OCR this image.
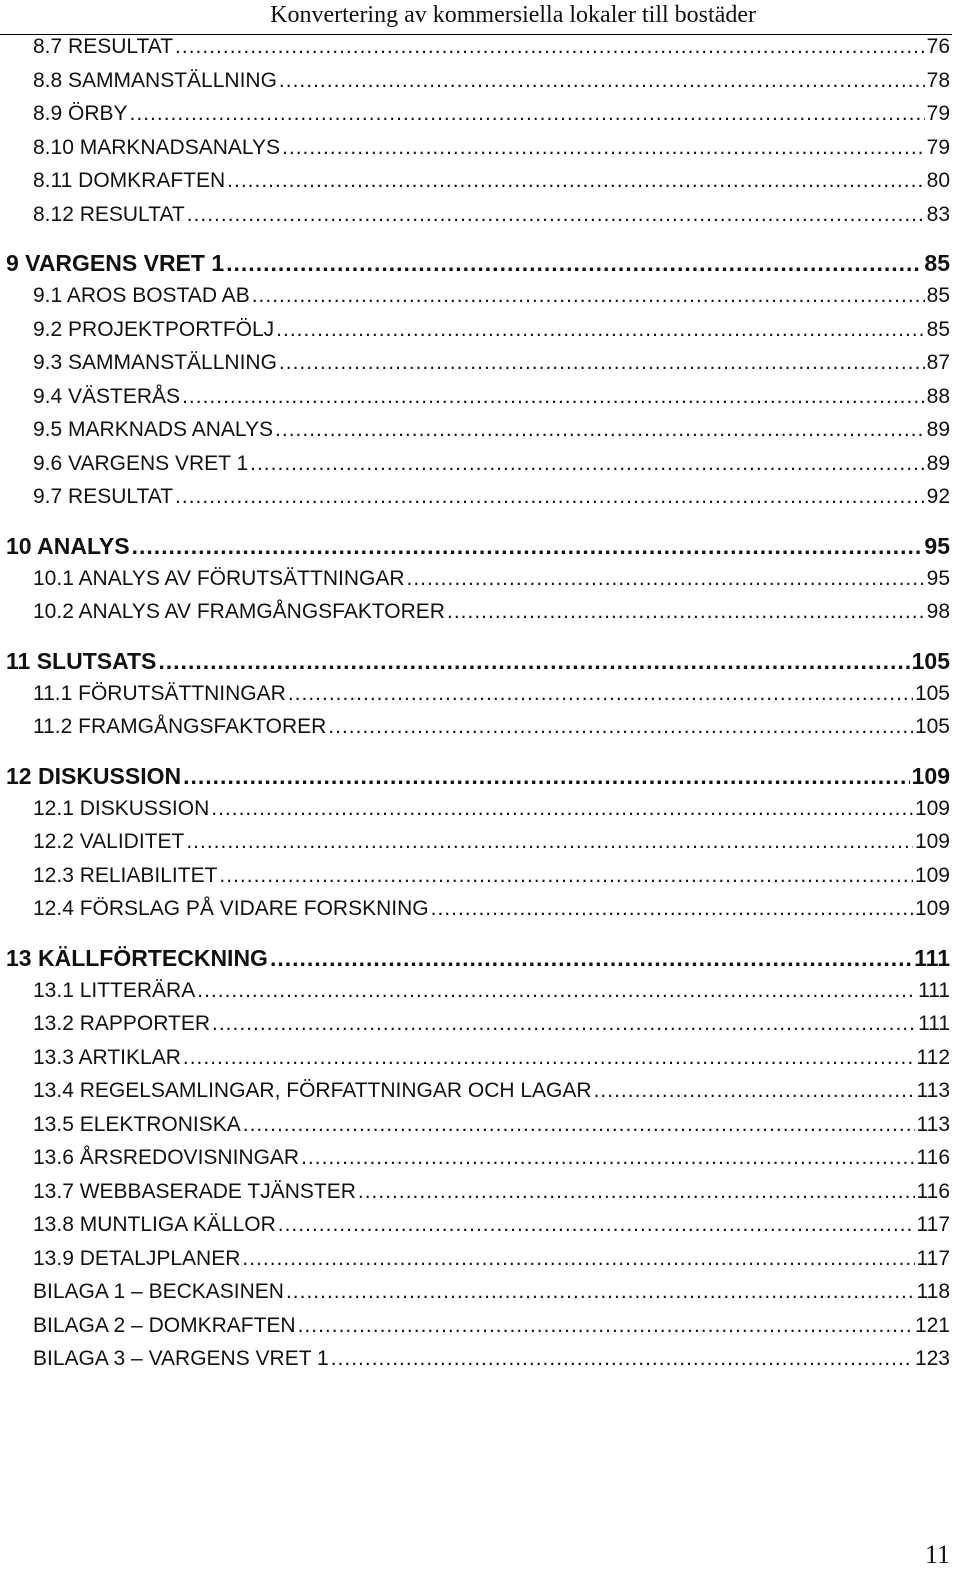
Konvertering av kommersiella lokaler till bostäder
8.7 RESULTAT .....	76
8.8 SAMMANSTÄLLNING .....	78
8.9 ÖRBY .....	79
8.10 MARKNADSANALYS .....	79
8.11 DOMKRAFTEN .....	80
8.12 RESULTAT .....	83
9 VARGENS VRET 1 .....	85
9.1 AROS BOSTAD AB .....	85
9.2 PROJEKTPORTFÖLJ .....	85
9.3 SAMMANSTÄLLNING .....	87
9.4 VÄSTERÅS .....	88
9.5 MARKNADS ANALYS .....	89
9.6 VARGENS VRET 1 .....	89
9.7 RESULTAT .....	92
10 ANALYS .....	95
10.1 ANALYS AV FÖRUTSÄTTNINGAR .....	95
10.2 ANALYS AV FRAMGÅNGSFAKTORER .....	98
11 SLUTSATS .....	105
11.1 FÖRUTSÄTTNINGAR .....	105
11.2 FRAMGÅNGSFAKTORER .....	105
12 DISKUSSION .....	109
12.1 DISKUSSION .....	109
12.2 VALIDITET .....	109
12.3 RELIABILITET .....	109
12.4 FÖRSLAG PÅ VIDARE FORSKNING .....	109
13 KÄLLFÖRTECKNING .....	111
13.1 LITTERÄRA .....	111
13.2 RAPPORTER .....	111
13.3 ARTIKLAR .....	112
13.4 REGELSAMLINGAR, FÖRFATTNINGAR OCH LAGAR .....	113
13.5 ELEKTRONISKA .....	113
13.6 ÅRSREDOVISNINGAR .....	116
13.7 WEBBASERADE TJÄNSTER .....	116
13.8 MUNTLIGA KÄLLOR .....	117
13.9 DETALJPLANER .....	117
BILAGA 1 – BECKASINEN .....	118
BILAGA 2 – DOMKRAFTEN .....	121
BILAGA 3 – VARGENS VRET 1 .....	123
11
